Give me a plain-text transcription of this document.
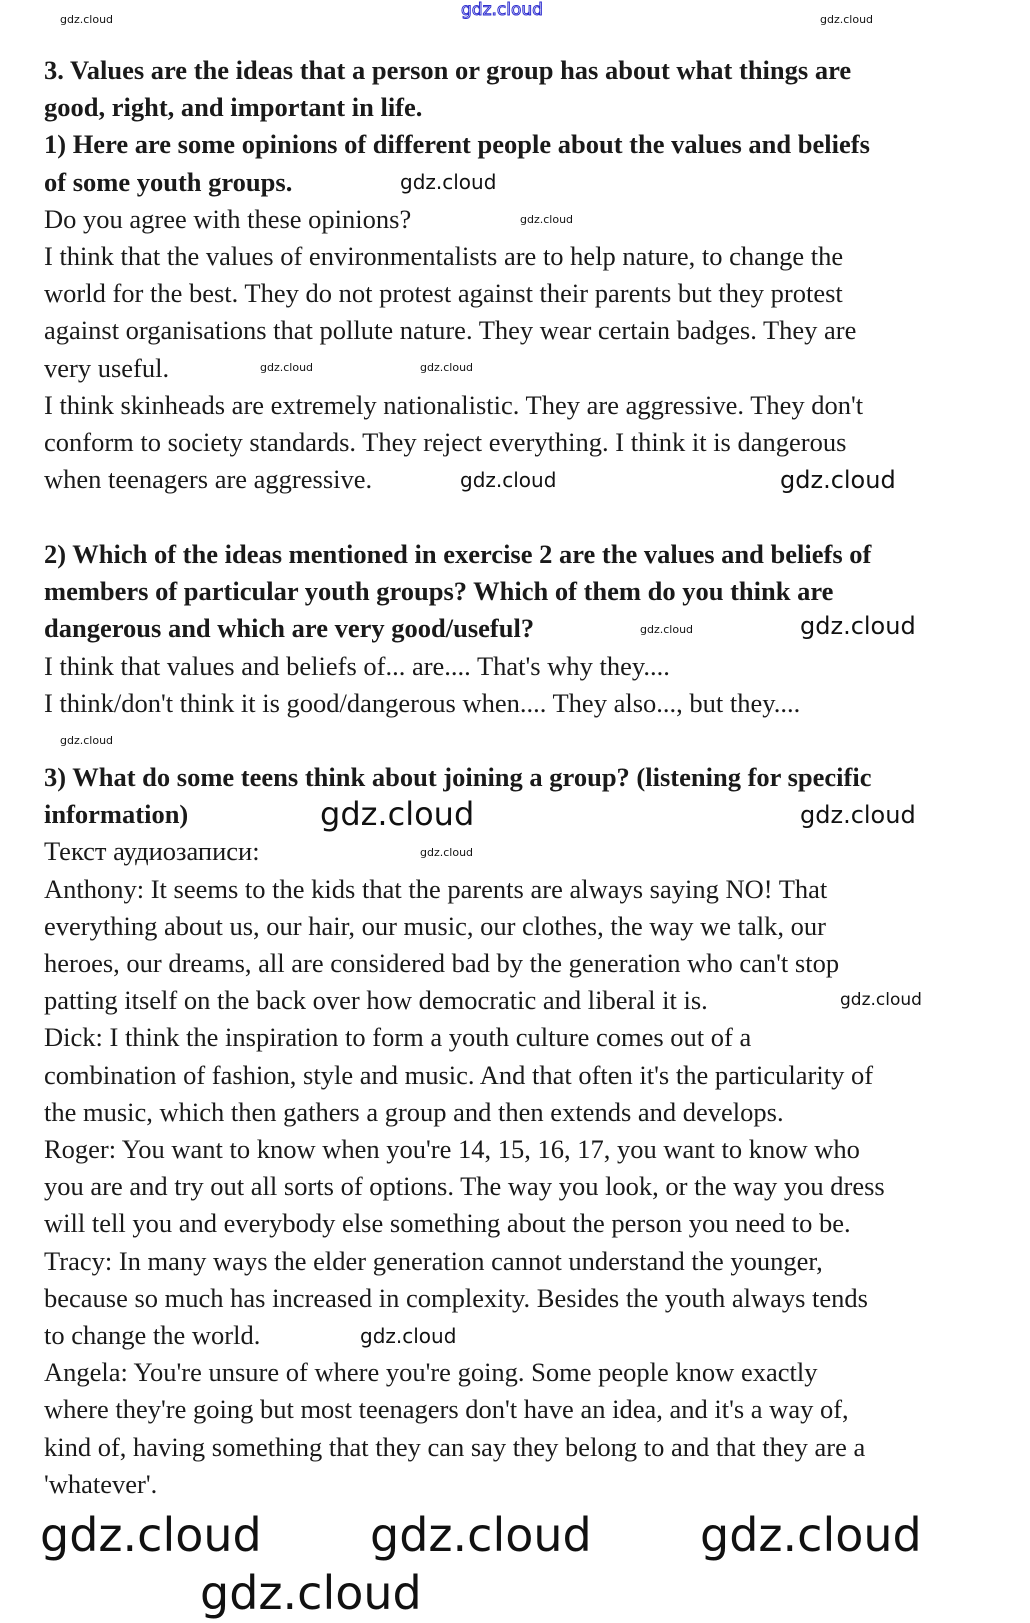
3. Values are the ideas that a person or group has about what things are
good, right, and important in life.
1) Here are some opinions of different people about the values and beliefs
of some youth groups.
Do you agree with these opinions?
I think that the values of environmentalists are to help nature, to change the
world for the best. They do not protest against their parents but they protest
against organisations that pollute nature. They wear certain badges. They are
very useful.
I think skinheads are extremely nationalistic. They are aggressive. They don't
conform to society standards. They reject everything. I think it is dangerous
when teenagers are aggressive.
2) Which of the ideas mentioned in exercise 2 are the values and beliefs of
members of particular youth groups? Which of them do you think are
dangerous and which are very good/useful?
I think that values and beliefs of... are.... That's why they....
I think/don't think it is good/dangerous when.... They also..., but they....
3) What do some teens think about joining a group? (listening for specific
information)
Текст аудиозаписи:
Anthony: It seems to the kids that the parents are always saying NO! That
everything about us, our hair, our music, our clothes, the way we talk, our
heroes, our dreams, all are considered bad by the generation who can't stop
patting itself on the back over how democratic and liberal it is.
Dick: I think the inspiration to form a youth culture comes out of a
combination of fashion, style and music. And that often it's the particularity of
the music, which then gathers a group and then extends and develops.
Roger: You want to know when you're 14, 15, 16, 17, you want to know who
you are and try out all sorts of options. The way you look, or the way you dress
will tell you and everybody else something about the person you need to be.
Tracy: In many ways the elder generation cannot understand the younger,
because so much has increased in complexity. Besides the youth always tends
to change the world.
Angela: You're unsure of where you're going. Some people know exactly
where they're going but most teenagers don't have an idea, and it's a way of,
kind of, having something that they can say they belong to and that they are a
'whatever'.
gdz.cloud
gdz.cloud
gdz.cloud
gdz.cloud
gdz.cloud
gdz.cloud
gdz.cloud	gdz.cloud
gdz.cloud	gdz.cloud
gdz.cloud
gdz.cloud
gdz.cloud
gdz.cloud
gdz.cloud
gdz.cloud
gdz.cloud
gdz.cloud
gdz.cloud
gdz.cloud
gdz.cloud
